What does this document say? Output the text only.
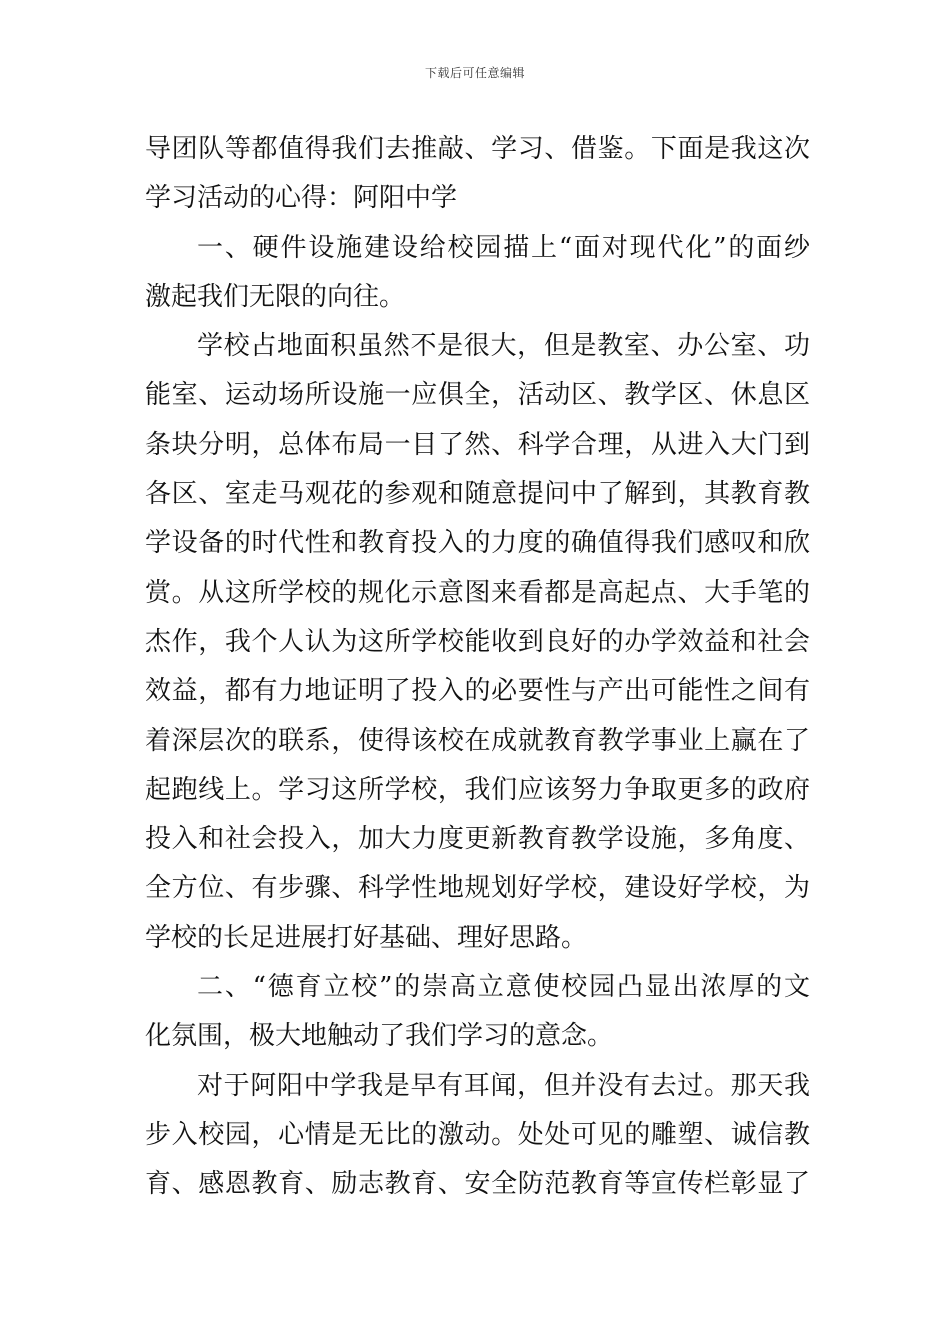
下载后可任意编辑
导团队等都值得我们去推敲、学习、借鉴。下面是我这次
学习活动的心得：阿阳中学
一、硬件设施建设给校园描上“面对现代化”的面纱
激起我们无限的向往。
学校占地面积虽然不是很大，但是教室、办公室、功
能室、运动场所设施一应俱全，活动区、教学区、休息区
条块分明，总体布局一目了然、科学合理，从进入大门到
各区、室走马观花的参观和随意提问中了解到，其教育教
学设备的时代性和教育投入的力度的确值得我们感叹和欣
赏。从这所学校的规化示意图来看都是高起点、大手笔的
杰作，我个人认为这所学校能收到良好的办学效益和社会
效益，都有力地证明了投入的必要性与产出可能性之间有
着深层次的联系，使得该校在成就教育教学事业上赢在了
起跑线上。学习这所学校，我们应该努力争取更多的政府
投入和社会投入，加大力度更新教育教学设施，多角度、
全方位、有步骤、科学性地规划好学校，建设好学校，为
学校的长足进展打好基础、理好思路。
二、“德育立校”的崇高立意使校园凸显出浓厚的文
化氛围，极大地触动了我们学习的意念。
对于阿阳中学我是早有耳闻，但并没有去过。那天我
步入校园，心情是无比的激动。处处可见的雕塑、诚信教
育、感恩教育、励志教育、安全防范教育等宣传栏彰显了
